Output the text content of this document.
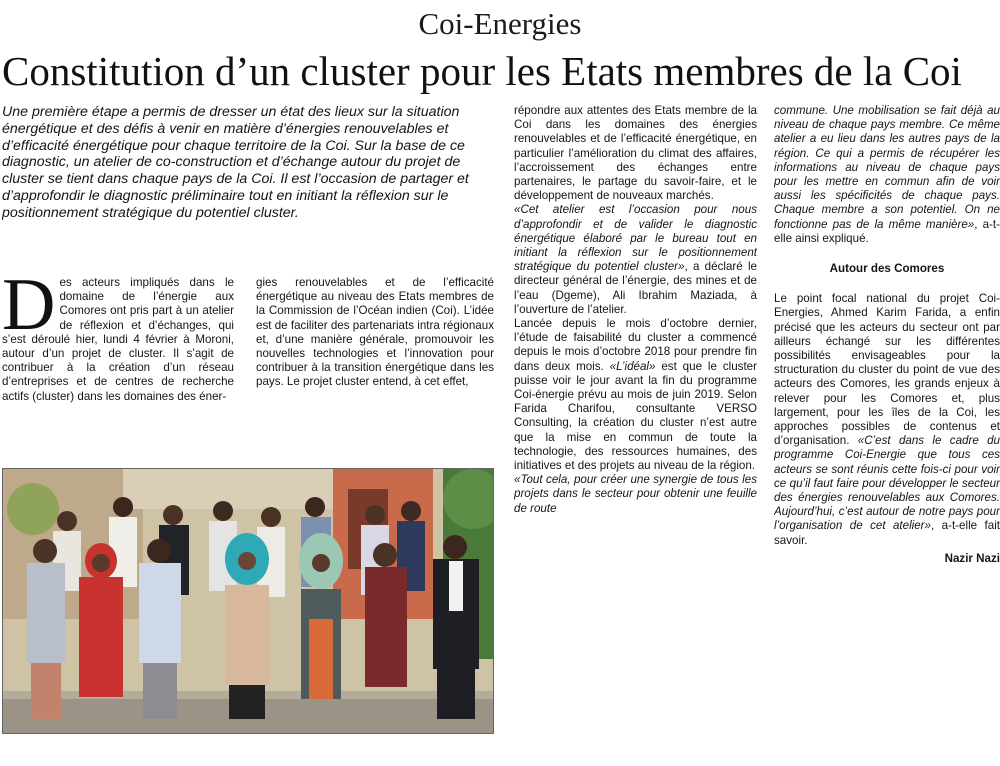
Coi-Energies
Constitution d’un cluster pour les Etats membres de la Coi

Une première étape a permis de dresser un état des lieux sur la situation énergétique et des défis à venir en matière d’énergies renouvelables et d’efficacité énergétique pour chaque territoire de la Coi. Sur la base de ce diagnostic, un atelier de co-construction et d’échange autour du projet de cluster se tient dans chaque pays de la Coi. Il est l’occasion de partager et d’approfondir le diagnostic préliminaire tout en initiant la réflexion sur le positionnement stratégique du potentiel cluster.

D es acteurs impliqués dans le domaine de l’énergie aux Comores ont pris part à un atelier de réflexion et d’échanges, qui s’est déroulé hier, lundi 4 février à Moroni, autour d’un projet de cluster. Il s’agit de contribuer à la création d’un réseau d’entreprises et de centres de recherche actifs (cluster) dans les domaines des éner-

gies renouvelables et de l’efficacité énergétique au niveau des Etats membres de la Commission de l’Océan indien (Coi). L’idée est de faciliter des partenariats intra régionaux et, d’une manière générale, promouvoir les nouvelles technologies et l’innovation pour contribuer à la transition énergétique dans les pays. Le projet cluster entend, à cet effet,

répondre aux attentes des Etats membre de la Coi dans les domaines des énergies renouvelables et de l’efficacité énergétique, en particulier l’amélioration du climat des affaires, l’accroissement des échanges entre partenaires, le partage du savoir-faire, et le développement de nouveaux marchés.

«Cet atelier est l’occasion pour nous d’approfondir et de valider le diagnostic énergétique élaboré par le bureau tout en initiant la réflexion sur le positionnement stratégique du potentiel cluster», a déclaré le directeur général de l’énergie, des mines et de l’eau (Dgeme), Ali Ibrahim Maziada, à l’ouverture de l’atelier.

Lancée depuis le mois d’octobre dernier, l’étude de faisabilité du cluster a commencé depuis le mois d’octobre 2018 pour prendre fin dans deux mois. «L’idéal» est que le cluster puisse voir le jour avant la fin du programme Coi-énergie prévu au mois de juin 2019. Selon Farida Charifou, consultante VERSO Consulting, la création du cluster n’est autre que la mise en commun de toute la technologie, des ressources humaines, des initiatives et des projets au niveau de la région.

«Tout cela, pour créer une synergie de tous les projets dans le secteur pour obtenir une feuille de route

commune. Une mobilisation se fait déjà au niveau de chaque pays membre. Ce même atelier a eu lieu dans les autres pays de la région. Ce qui a permis de récupérer les informations au niveau de chaque pays pour les mettre en commun afin de voir aussi les spécificités de chaque pays. Chaque membre a son potentiel. On ne fonctionne pas de la même manière», a-t-elle ainsi expliqué.

Autour des Comores

Le point focal national du projet Coi-Energies, Ahmed Karim Farida, a enfin précisé que les acteurs du secteur ont par ailleurs échangé sur les différentes possibilités envisageables pour la structuration du cluster du point de vue des acteurs des Comores, les grands enjeux à relever pour les Comores et, plus largement, pour les îles de la Coi, les approches possibles de contenus et d’organisation. «C’est dans le cadre du programme Coi-Energie que tous ces acteurs se sont réunis cette fois-ci pour voir ce qu’il faut faire pour développer le secteur des énergies renouvelables aux Comores. Aujourd’hui, c’est autour de notre pays pour l’organisation de cet atelier», a-t-elle fait savoir.

Nazir Nazi
